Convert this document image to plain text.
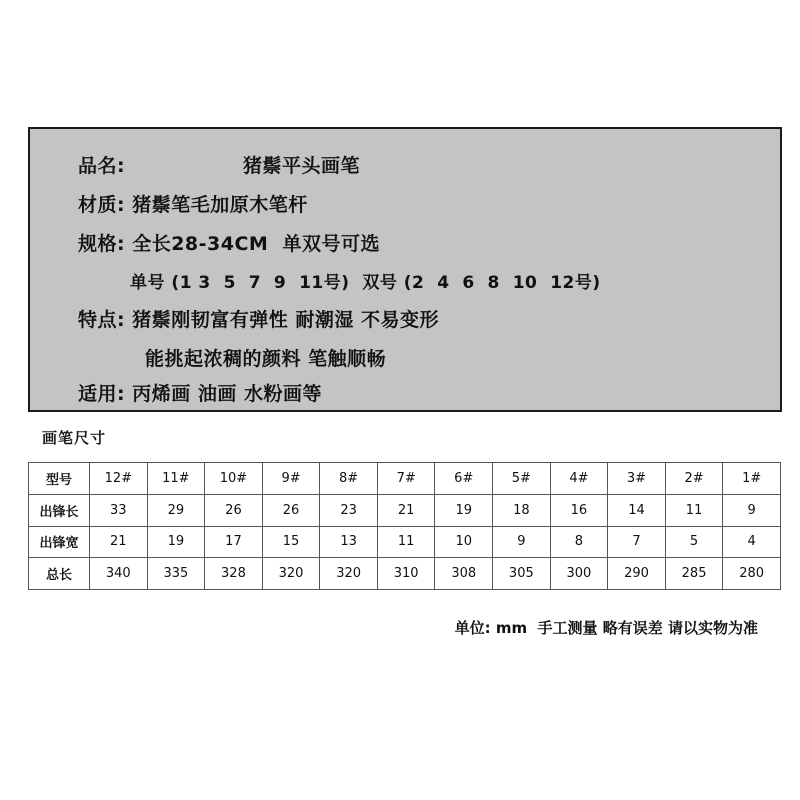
品名:	猪鬃平头画笔
材质: 猪鬃笔毛加原木笔杆
规格: 全长28-34CM  单双号可选
单号 (1 3  5  7  9  11号)  双号 (2  4  6  8  10  12号)
特点: 猪鬃刚韧富有弹性 耐潮湿 不易变形
能挑起浓稠的颜料 笔触顺畅
适用: 丙烯画 油画 水粉画等
画笔尺寸
型号	12#	11#	10#	9#	8#	7#	6#	5#	4#	3#	2#	1#
出锋长	33	29	26	26	23	21	19	18	16	14	11	9
出锋宽	21	19	17	15	13	11	10	9	8	7	5	4
总长	340	335	328	320	320	310	308	305	300	290	285	280
单位: mm  手工测量 略有误差 请以实物为准
